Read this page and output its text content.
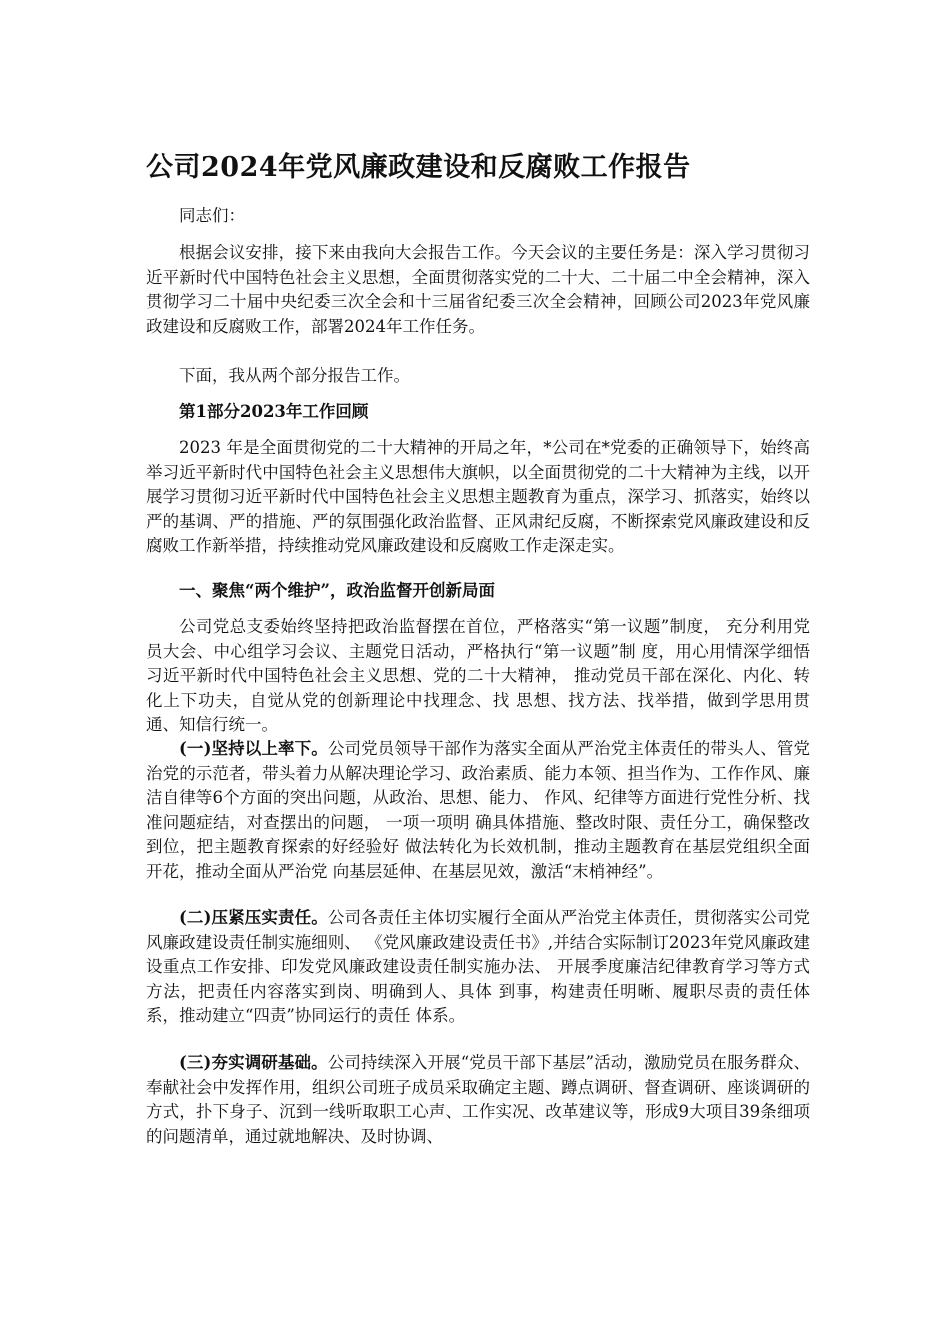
公司2024年党风廉政建设和反腐败工作报告

同志们：

根据会议安排，接下来由我向大会报告工作。今天会议的主要任务是：深入学习贯彻习近平新时代中国特色社会主义思想，全面贯彻落实党的二十大、二十届二中全会精神，深入贯彻学习二十届中央纪委三次全会和十三届省纪委三次全会精神，回顾公司2023年党风廉政建设和反腐败工作，部署2024年工作任务。

下面，我从两个部分报告工作。

第1部分2023年工作回顾

2023 年是全面贯彻党的二十大精神的开局之年，*公司在*党委的正确领导下，始终高举习近平新时代中国特色社会主义思想伟大旗帜，以全面贯彻党的二十大精神为主线，以开展学习贯彻习近平新时代中国特色社会主义思想主题教育为重点，深学习、抓落实，始终以严的基调、严的措施、严的氛围强化政治监督、正风肃纪反腐，不断探索党风廉政建设和反腐败工作新举措，持续推动党风廉政建设和反腐败工作走深走实。

一、聚焦“两个维护”，政治监督开创新局面

公司党总支委始终坚持把政治监督摆在首位，严格落实“第一议题”制度， 充分利用党员大会、中心组学习会议、主题党日活动，严格执行“第一议题”制 度，用心用情深学细悟习近平新时代中国特色社会主义思想、党的二十大精神， 推动党员干部在深化、内化、转化上下功夫，自觉从党的创新理论中找理念、找 思想、找方法、找举措，做到学思用贯通、知信行统一。

(一)坚持以上率下。公司党员领导干部作为落实全面从严治党主体责任的带头人、管党治党的示范者，带头着力从解决理论学习、政治素质、能力本领、担当作为、工作作风、廉洁自律等6个方面的突出问题，从政治、思想、能力、 作风、纪律等方面进行党性分析、找准问题症结，对查摆出的问题， 一项一项明 确具体措施、整改时限、责任分工，确保整改到位，把主题教育探索的好经验好 做法转化为长效机制，推动主题教育在基层党组织全面开花，推动全面从严治党 向基层延伸、在基层见效，激活“末梢神经”。

(二)压紧压实责任。公司各责任主体切实履行全面从严治党主体责任，贯彻落实公司党风廉政建设责任制实施细则、 《党风廉政建设责任书》,并结合实际制订2023年党风廉政建设重点工作安排、印发党风廉政建设责任制实施办法、 开展季度廉洁纪律教育学习等方式方法，把责任内容落实到岗、明确到人、具体 到事，构建责任明晰、履职尽责的责任体系，推动建立“四责”协同运行的责任 体系。

(三)夯实调研基础。公司持续深入开展“党员干部下基层”活动，激励党员在服务群众、奉献社会中发挥作用，组织公司班子成员采取确定主题、蹲点调研、督查调研、座谈调研的方式，扑下身子、沉到一线听取职工心声、工作实况、改革建议等，形成9大项目39条细项的问题清单，通过就地解决、及时协调、
